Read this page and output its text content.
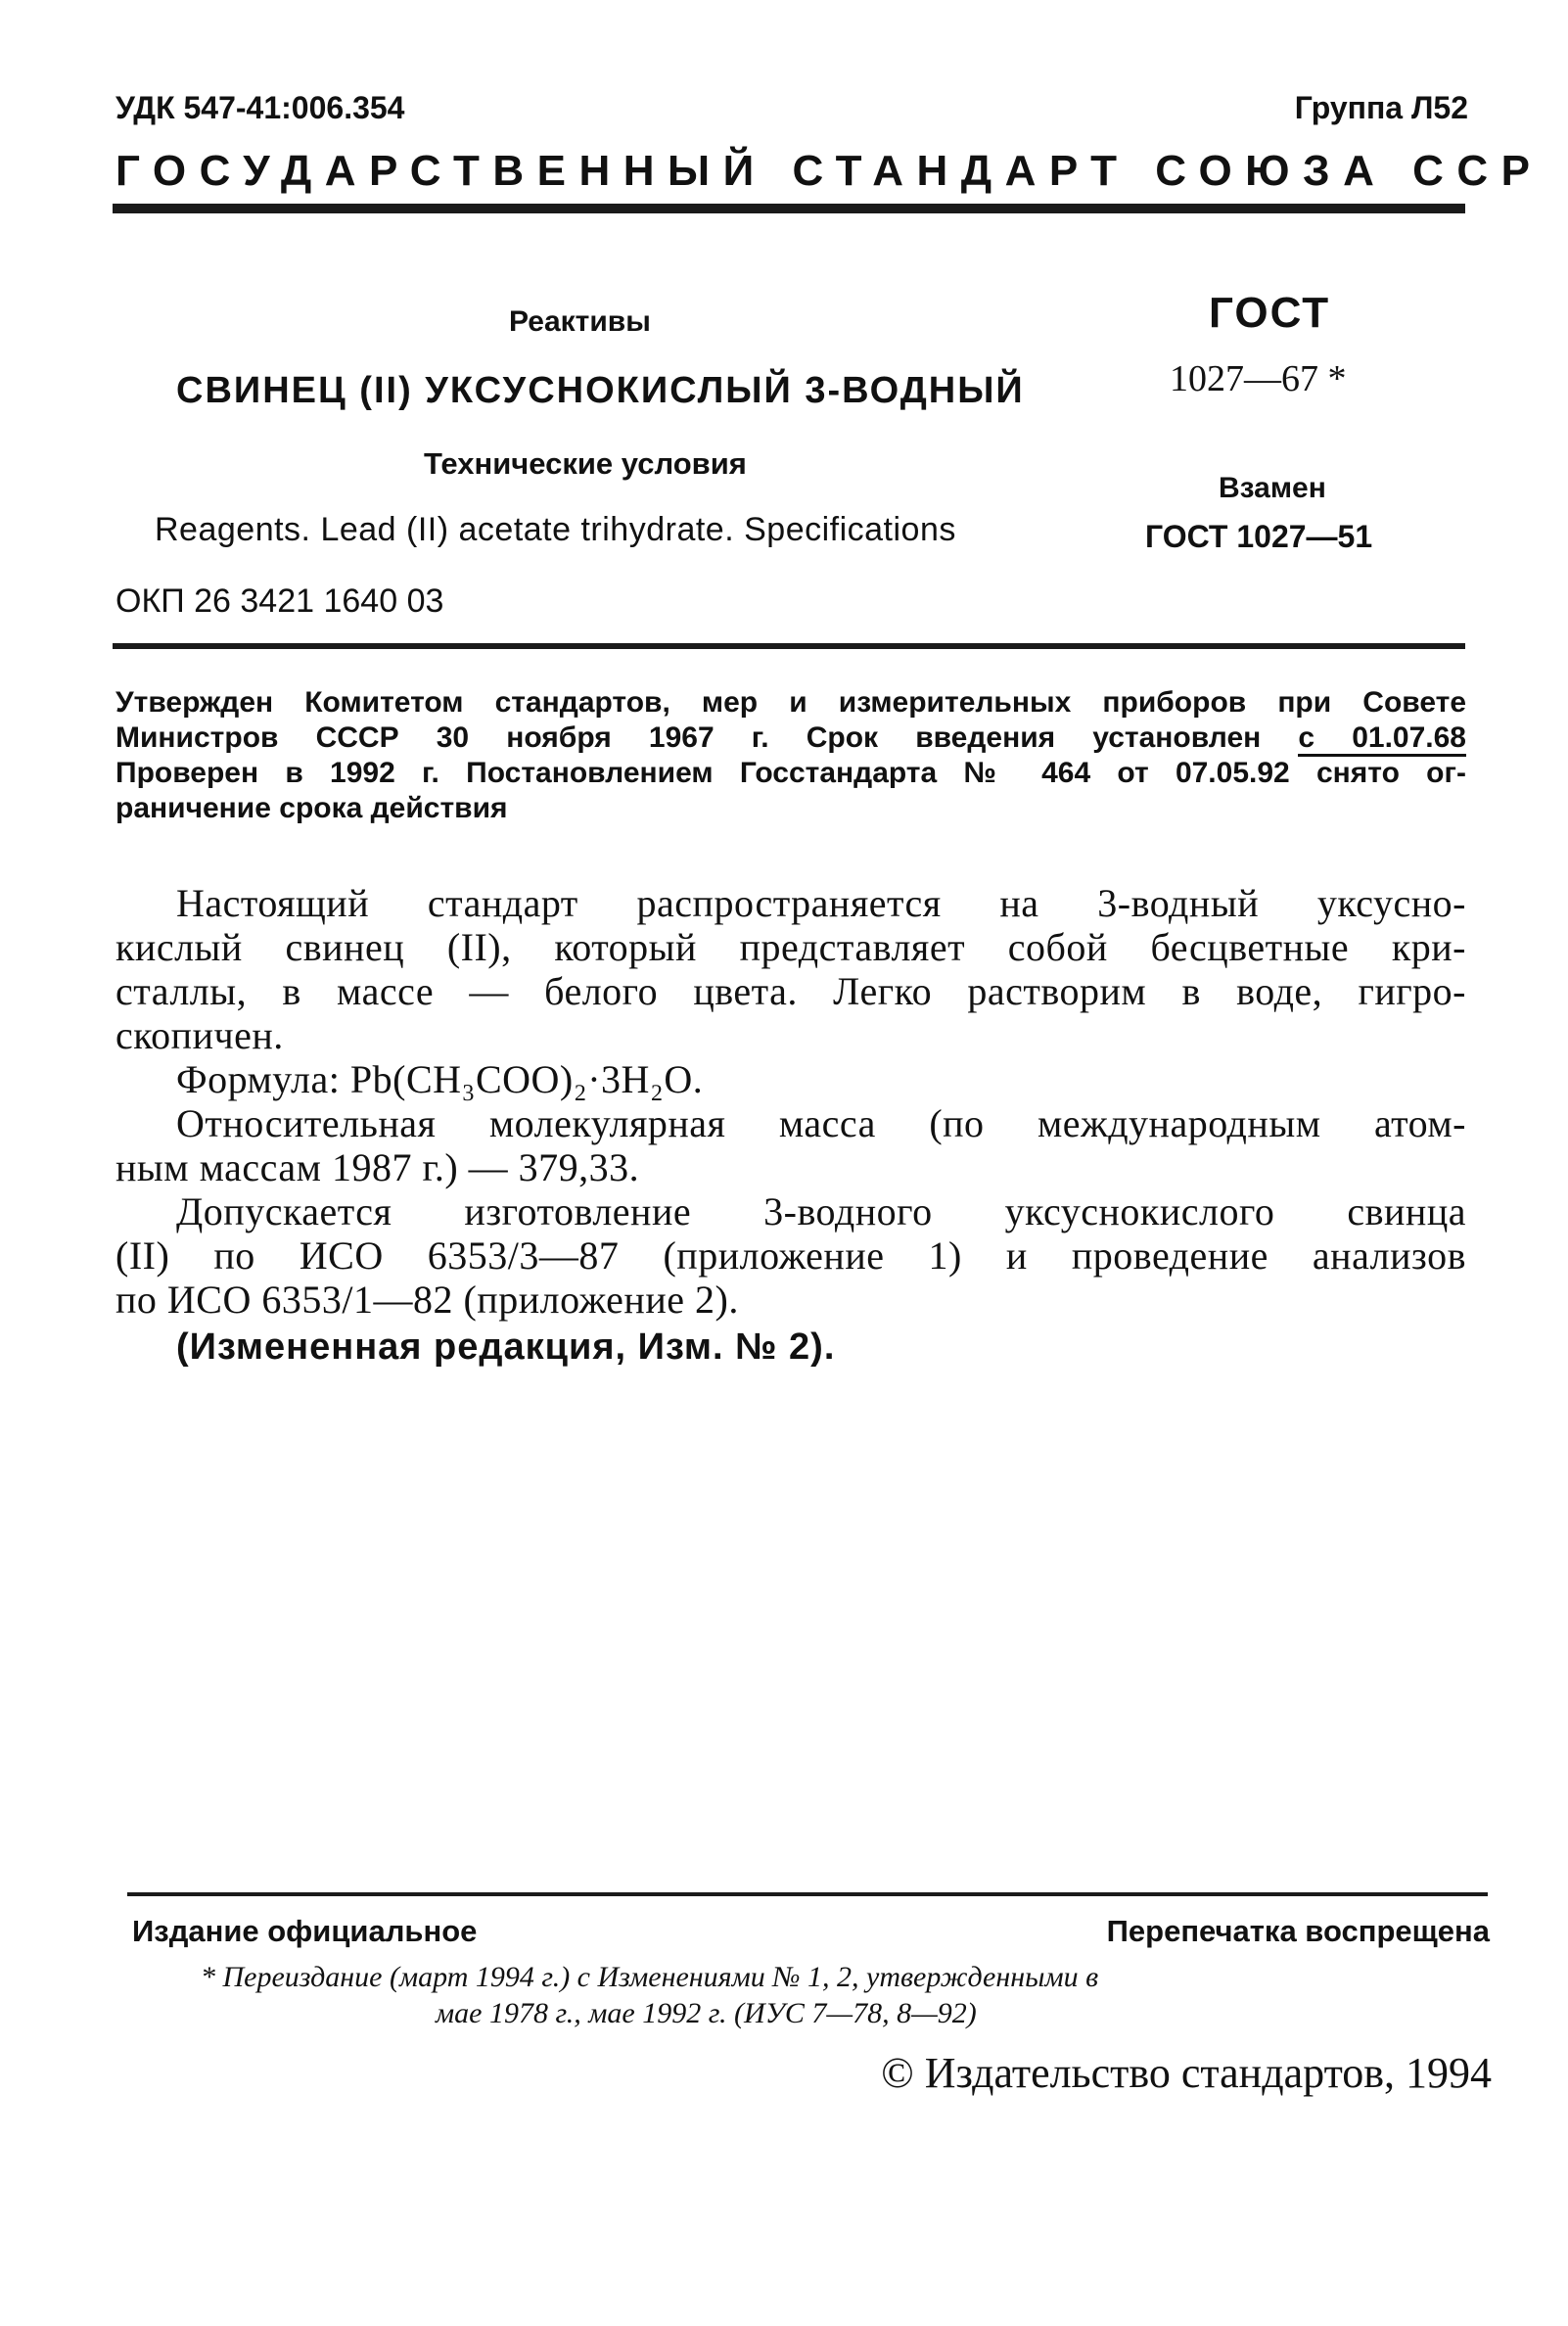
УДК 547-41:006.354	Группа Л52
ГОСУДАРСТВЕННЫЙ СТАНДАРТ СОЮЗА ССР
Реактивы
СВИНЕЦ (II) УКСУСНОКИСЛЫЙ 3-ВОДНЫЙ
Технические условия
Reagents. Lead (II) acetate trihydrate. Specifications
ОКП 26 3421 1640 03
ГОСТ
1027—67 *
Взамен
ГОСТ 1027—51
Утвержден Комитетом стандартов, мер и измерительных приборов при Совете
Министров СССР 30 ноября 1967 г. Срок введения установлен с 01.07.68
Проверен в 1992 г. Постановлением Госстандарта № 464 от 07.05.92 снято ог-
раничение срока действия
Настоящий стандарт распространяется на 3-водный уксусно-
кислый свинец (II), который представляет собой бесцветные кри-
сталлы, в массе — белого цвета. Легко растворим в воде, гигро-
скопичен.
Формула: Pb(CH₃COO)₂·3H₂O.
Относительная молекулярная масса (по международным атом-
ным массам 1987 г.) — 379,33.
Допускается изготовление 3-водного уксуснокислого свинца
(II) по ИСО 6353/3—87 (приложение 1) и проведение анализов
по ИСО 6353/1—82 (приложение 2).
(Измененная редакция, Изм. № 2).
Издание официальное	Перепечатка воспрещена
* Переиздание (март 1994 г.) с Изменениями № 1, 2, утвержденными в
мае 1978 г., мае 1992 г. (ИУС 7—78, 8—92)
© Издательство стандартов, 1994
